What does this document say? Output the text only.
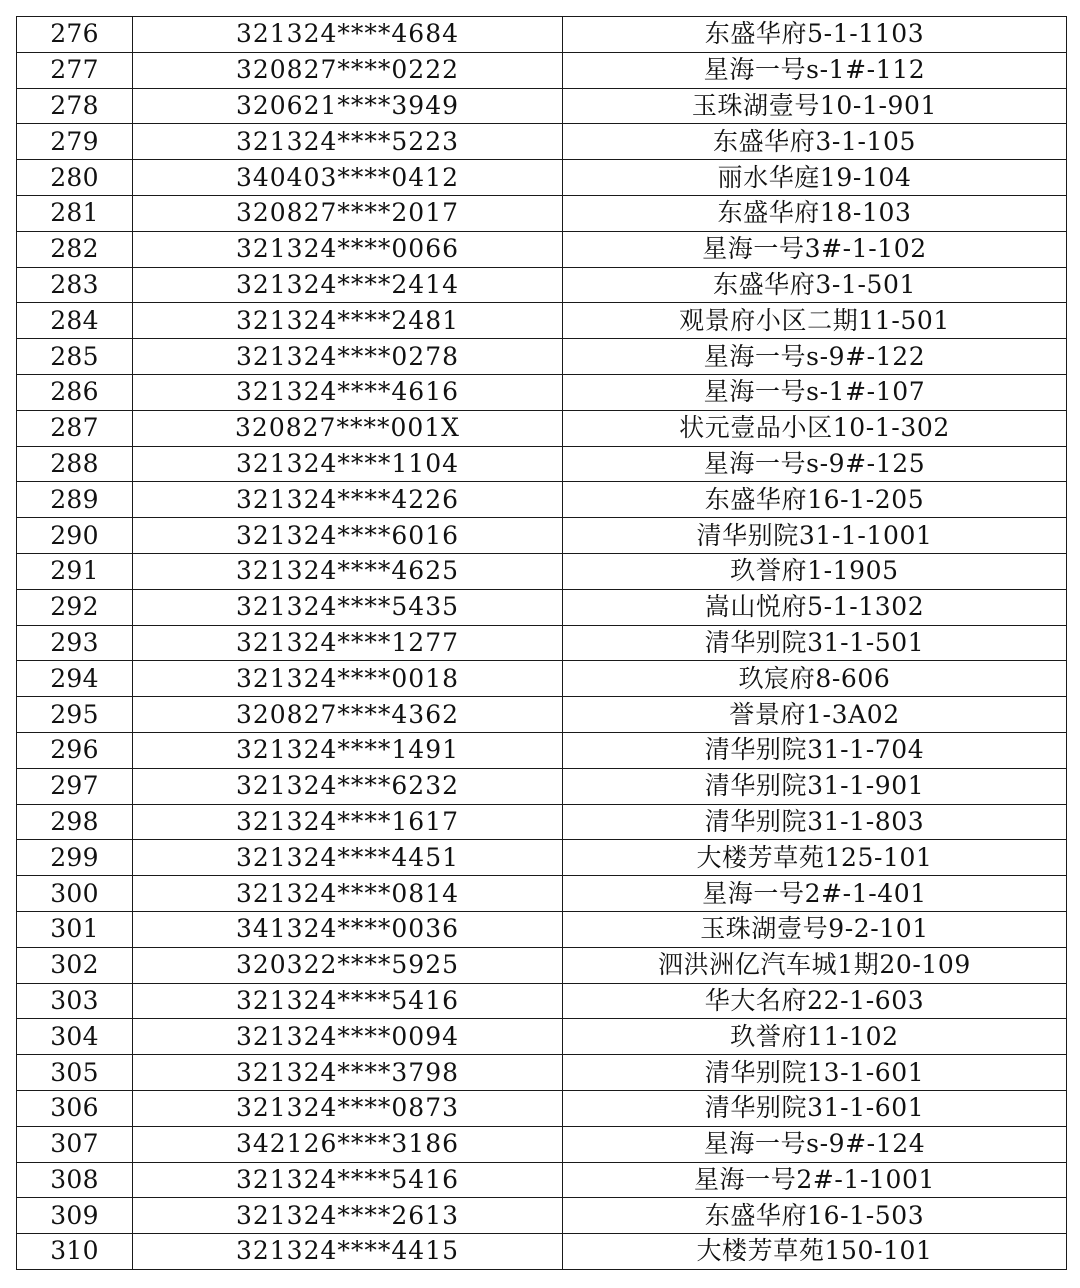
276	321324****4684	东盛华府5-1-1103
277	320827****0222	星海一号s-1#-112
278	320621****3949	玉珠湖壹号10-1-901
279	321324****5223	东盛华府3-1-105
280	340403****0412	丽水华庭19-104
281	320827****2017	东盛华府18-103
282	321324****0066	星海一号3#-1-102
283	321324****2414	东盛华府3-1-501
284	321324****2481	观景府小区二期11-501
285	321324****0278	星海一号s-9#-122
286	321324****4616	星海一号s-1#-107
287	320827****001X	状元壹品小区10-1-302
288	321324****1104	星海一号s-9#-125
289	321324****4226	东盛华府16-1-205
290	321324****6016	清华别院31-1-1001
291	321324****4625	玖誉府1-1905
292	321324****5435	嵩山悦府5-1-1302
293	321324****1277	清华别院31-1-501
294	321324****0018	玖宸府8-606
295	320827****4362	誉景府1-3A02
296	321324****1491	清华别院31-1-704
297	321324****6232	清华别院31-1-901
298	321324****1617	清华别院31-1-803
299	321324****4451	大楼芳草苑125-101
300	321324****0814	星海一号2#-1-401
301	341324****0036	玉珠湖壹号9-2-101
302	320322****5925	泗洪洲亿汽车城1期20-109
303	321324****5416	华大名府22-1-603
304	321324****0094	玖誉府11-102
305	321324****3798	清华别院13-1-601
306	321324****0873	清华别院31-1-601
307	342126****3186	星海一号s-9#-124
308	321324****5416	星海一号2#-1-1001
309	321324****2613	东盛华府16-1-503
310	321324****4415	大楼芳草苑150-101
